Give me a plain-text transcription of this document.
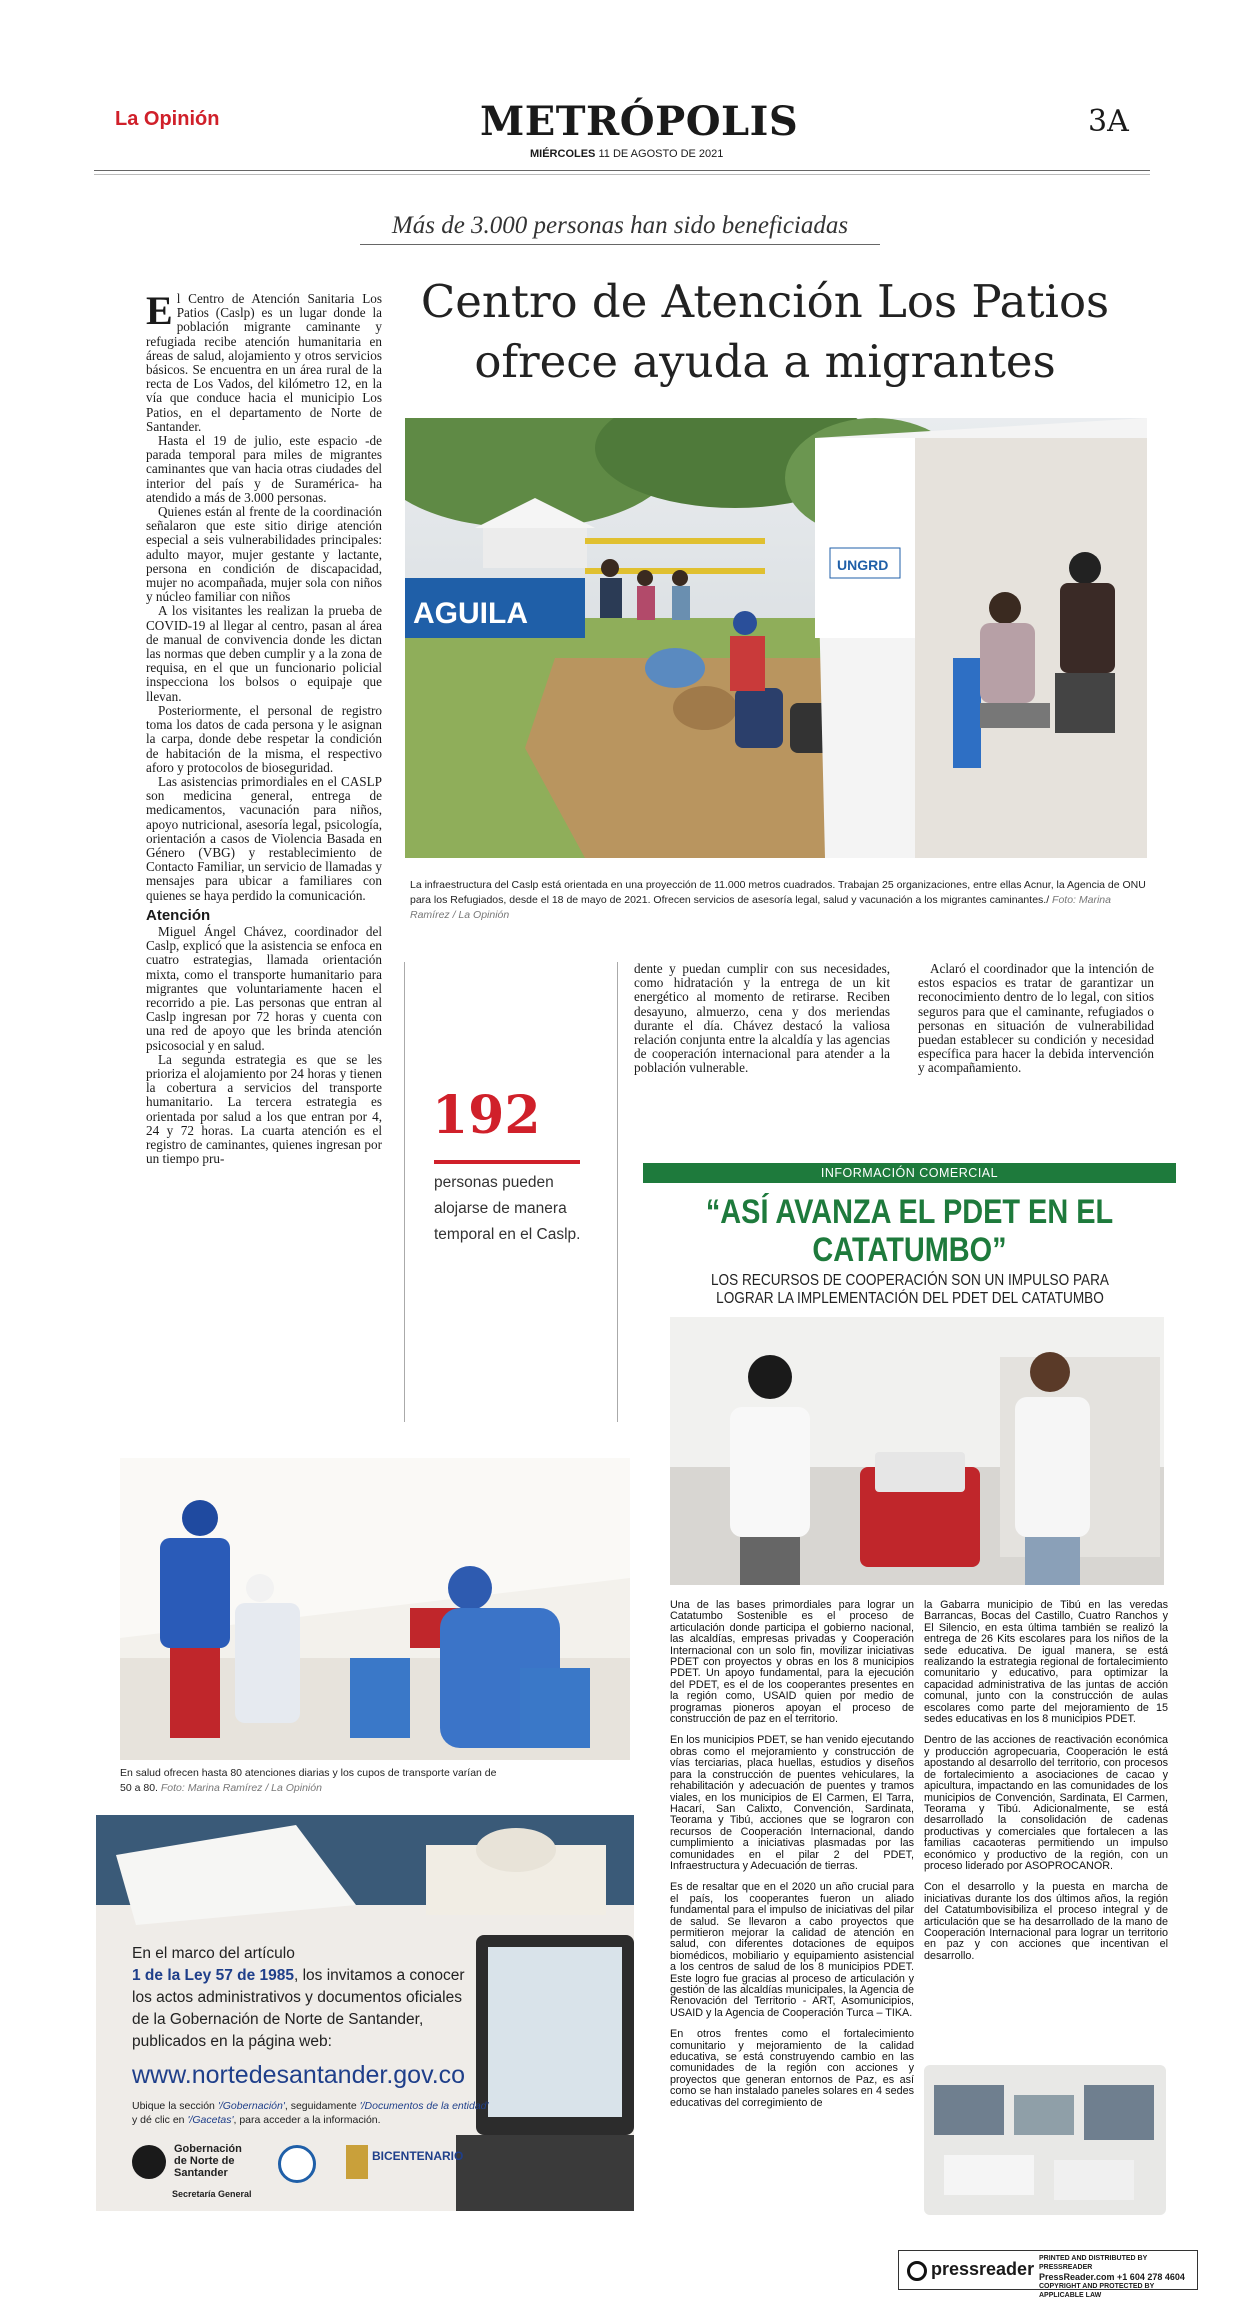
La Opinión	METRÓPOLIS	3A
MIÉRCOLES 11 DE AGOSTO DE 2021
Más de 3.000 personas han sido beneficiadas
Centro de Atención Los Patios
ofrece ayuda a migrantes

El Centro de Atención Sanitaria Los Patios (Caslp) es un lugar donde la población migrante caminante y refugiada recibe atención humanitaria en áreas de salud, alojamiento y otros servicios básicos. Se encuentra en un área rural de la recta de Los Vados, del kilómetro 12, en la vía que conduce hacia el municipio Los Patios, en el departamento de Norte de Santander.

Hasta el 19 de julio, este espacio -de parada temporal para miles de migrantes caminantes que van hacia otras ciudades del interior del país y de Suramérica- ha atendido a más de 3.000 personas.

Quienes están al frente de la coordinación señalaron que este sitio dirige atención especial a seis vulnerabilidades principales: adulto mayor, mujer gestante y lactante, persona en condición de discapacidad, mujer no acompañada, mujer sola con niños y núcleo familiar con niños

A los visitantes les realizan la prueba de COVID-19 al llegar al centro, pasan al área de manual de convivencia donde les dictan las normas que deben cumplir y a la zona de requisa, en el que un funcionario policial inspecciona los bolsos o equipaje que llevan.

Posteriormente, el personal de registro toma los datos de cada persona y le asignan la carpa, donde debe respetar la condición de habitación de la misma, el respectivo aforo y protocolos de bioseguridad.

Las asistencias primordiales en el CASLP son medicina general, entrega de medicamentos, vacunación para niños, apoyo nutricional, asesoría legal, psicología, orientación a casos de Violencia Basada en Género (VBG) y restablecimiento de Contacto Familiar, un servicio de llamadas y mensajes para ubicar a familiares con quienes se haya perdido la comunicación.

Atención

Miguel Ángel Chávez, coordinador del Caslp, explicó que la asistencia se enfoca en cuatro estrategias, llamada orientación mixta, como el transporte humanitario para migrantes que voluntariamente hacen el recorrido a pie. Las personas que entran al Caslp ingresan por 72 horas y cuenta con una red de apoyo que les brinda atención psicosocial y en salud.

La segunda estrategia es que se les prioriza el alojamiento por 24 horas y tienen la cobertura a servicios del transporte humanitario. La tercera estrategia es orientada por salud a los que entran por 4, 24 y 72 horas. La cuarta atención es el registro de caminantes, quienes ingresan por un tiempo pru-

AGUILA
UNGRD
La infraestructura del Caslp está orientada en una proyección de 11.000 metros cuadrados. Trabajan 25 organizaciones, entre ellas Acnur, la Agencia de ONU para los Refugiados, desde el 18 de mayo de 2021. Ofrecen servicios de asesoría legal, salud y vacunación a los migrantes caminantes./ Foto: Marina Ramírez / La Opinión
192
personas pueden alojarse de manera temporal en el Caslp.

dente y puedan cumplir con sus necesidades, como hidratación y la entrega de un kit energético al momento de retirarse. Reciben desayuno, almuerzo, cena y dos meriendas durante el día. Chávez destacó la valiosa relación conjunta entre la alcaldía y las agencias de cooperación internacional para atender a la población vulnerable.

Aclaró el coordinador que la intención de estos espacios es tratar de garantizar un reconocimiento dentro de lo legal, con sitios seguros para que el caminante, refugiados o personas en situación de vulnerabilidad puedan establecer su condición y necesidad específica para hacer la debida intervención y acompañamiento.

En salud ofrecen hasta 80 atenciones diarias y los cupos de transporte varían de 50 a 80. Foto: Marina Ramírez / La Opinión
En el marco del artículo
1 de la Ley 57 de 1985, los invitamos a conocer
los actos administrativos y documentos oficiales
de la Gobernación de Norte de Santander,
publicados en la página web:
www.nortedesantander.gov.co
Ubique la sección '/Gobernación', seguidamente '/Documentos de la entidad'
y dé clic en '/Gacetas', para acceder a la información.
Gobernación
de Norte de
Santander
Secretaría General
BICENTENARIO
INFORMACIÓN COMERCIAL
“ASÍ AVANZA EL PDET EN EL CATATUMBO”
LOS RECURSOS DE COOPERACIÓN SON UN IMPULSO PARA LOGRAR LA IMPLEMENTACIÓN DEL PDET DEL CATATUMBO

Una de las bases primordiales para lograr un Catatumbo Sostenible es el proceso de articulación donde participa el gobierno nacional, las alcaldías, empresas privadas y Cooperación Internacional con un solo fin, movilizar iniciativas PDET con proyectos y obras en los 8 municipios PDET. Un apoyo fundamental, para la ejecución del PDET, es el de los cooperantes presentes en la región como, USAID quien por medio de programas pioneros apoyan el proceso de construcción de paz en el territorio.

En los municipios PDET, se han venido ejecutando obras como el mejoramiento y construcción de vías terciarias, placa huellas, estudios y diseños para la construcción de puentes vehiculares, la rehabilitación y adecuación de puentes y tramos viales, en los municipios de El Carmen, El Tarra, Hacarí, San Calixto, Convención, Sardinata, Teorama y Tibú, acciones que se lograron con recursos de Cooperación Internacional, dando cumplimiento a iniciativas plasmadas por las comunidades en el pilar 2 del PDET, Infraestructura y Adecuación de tierras.

Es de resaltar que en el 2020 un año crucial para el país, los cooperantes fueron un aliado fundamental para el impulso de iniciativas del pilar de salud. Se llevaron a cabo proyectos que permitieron mejorar la calidad de atención en salud, con diferentes dotaciones de equipos biomédicos, mobiliario y equipamiento asistencial a los centros de salud de los 8 municipios PDET. Este logro fue gracias al proceso de articulación y gestión de las alcaldías municipales, la Agencia de Renovación del Territorio - ART, Asomunicipios, USAID y la Agencia de Cooperación Turca – TIKA.

En otros frentes como el fortalecimiento comunitario y mejoramiento de la calidad educativa, se está construyendo cambio en las comunidades de la región con acciones y proyectos que generan entornos de Paz, es así como se han instalado paneles solares en 4 sedes educativas del corregimiento de

la Gabarra municipio de Tibú en las veredas Barrancas, Bocas del Castillo, Cuatro Ranchos y El Silencio, en esta última también se realizó la entrega de 26 Kits escolares para los niños de la sede educativa. De igual manera, se está realizando la estrategia regional de fortalecimiento comunitario y educativo, para optimizar la capacidad administrativa de las juntas de acción comunal, junto con la construcción de aulas escolares como parte del mejoramiento de 15 sedes educativas en los 8 municipios PDET.

Dentro de las acciones de reactivación económica y producción agropecuaria, Cooperación le está apostando al desarrollo del territorio, con procesos de fortalecimiento a asociaciones de cacao y apicultura, impactando en las comunidades de los municipios de Convención, Sardinata, El Carmen, Teorama y Tibú. Adicionalmente, se está desarrollado la consolidación de cadenas productivas y comerciales que fortalecen a las familias cacaoteras permitiendo un impulso económico y productivo de la región, con un proceso liderado por ASOPROCANOR.

Con el desarrollo y la puesta en marcha de iniciativas durante los dos últimos años, la región del Catatumbovisibiliza el proceso integral y de articulación que se ha desarrollado de la mano de Cooperación Internacional para lograr un territorio en paz y con acciones que incentivan el desarrollo.

pressreader
PRINTED AND DISTRIBUTED BY PRESSREADER
PressReader.com +1 604 278 4604
COPYRIGHT AND PROTECTED BY APPLICABLE LAW
